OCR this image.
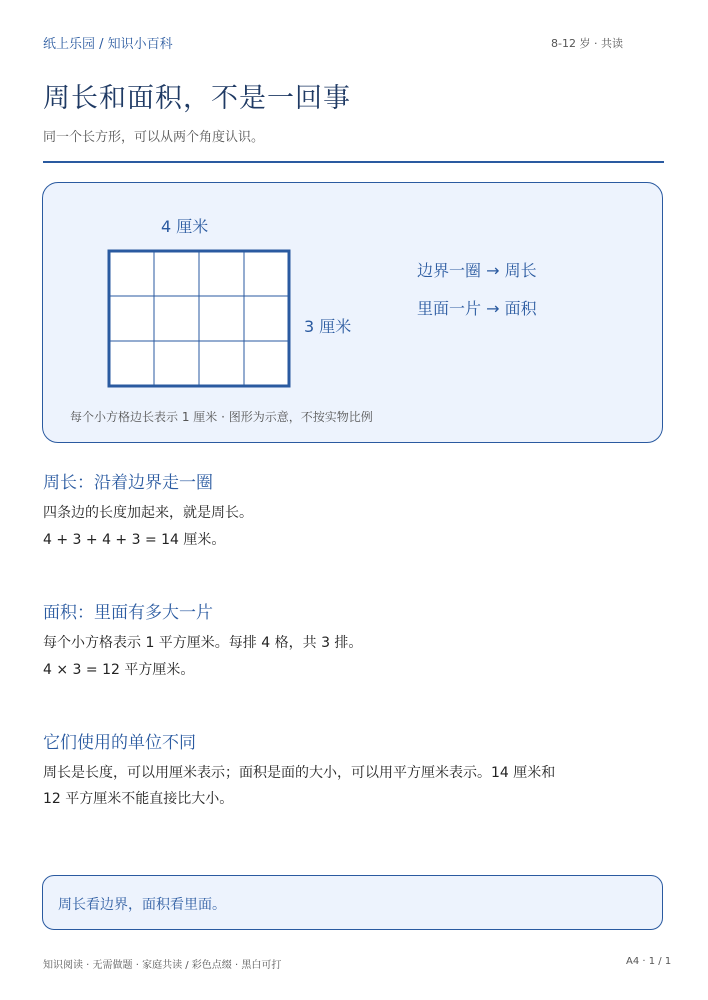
纸上乐园 / 知识小百科	8-12 岁 · 共读
周长和面积，不是一回事
同一个长方形，可以从两个角度认识。
4 厘米
3 厘米
边界一圈 → 周长
里面一片 → 面积
每个小方格边长表示 1 厘米 · 图形为示意，不按实物比例
周长：沿着边界走一圈
四条边的长度加起来，就是周长。
4 + 3 + 4 + 3 = 14 厘米。
面积：里面有多大一片
每个小方格表示 1 平方厘米。每排 4 格，共 3 排。
4 × 3 = 12 平方厘米。
它们使用的单位不同
周长是长度，可以用厘米表示；面积是面的大小，可以用平方厘米表示。14 厘米和
12 平方厘米不能直接比大小。
周长看边界，面积看里面。
知识阅读 · 无需做题 · 家庭共读 / 彩色点缀 · 黑白可打	A4 · 1 / 1
